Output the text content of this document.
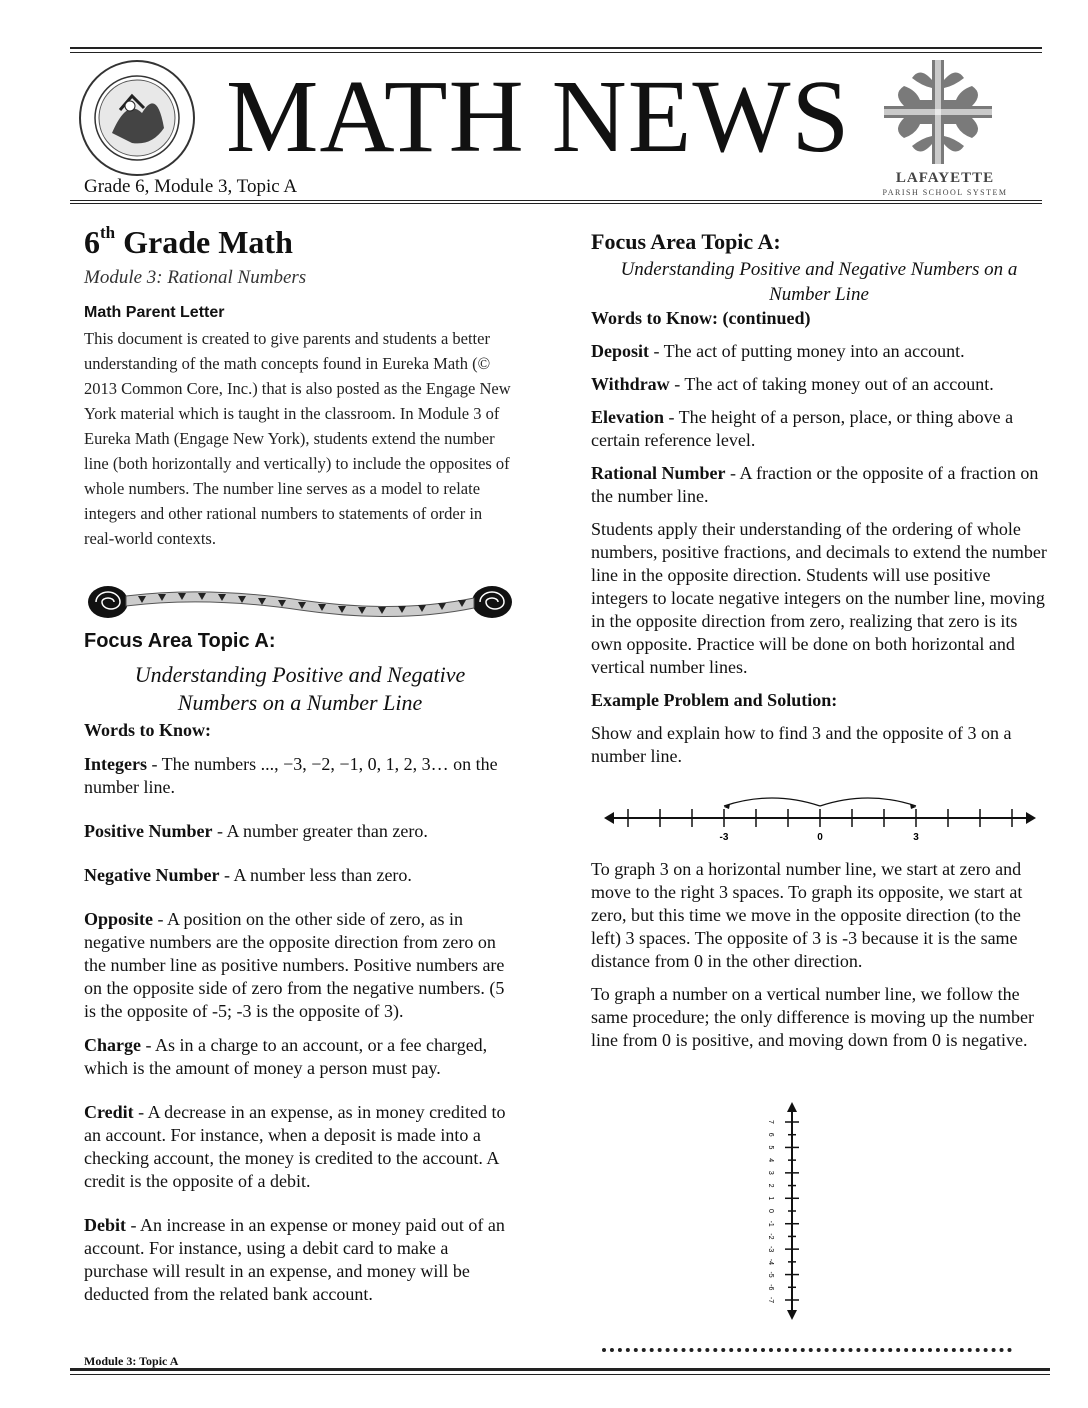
MATH NEWS
LAFAYETTE
PARISH SCHOOL SYSTEM
Grade 6, Module 3, Topic A
6th Grade Math
Module 3: Rational Numbers
Math Parent Letter
This document is created to give parents and students a better understanding of the math concepts found in Eureka Math (© 2013 Common Core, Inc.) that is also posted as the Engage New York material which is taught in the classroom. In Module 3 of Eureka Math (Engage New York), students extend the number line (both horizontally and vertically) to include the opposites of whole numbers. The number line serves as a model to relate integers and other rational numbers to statements of order in real-world contexts.
Focus Area Topic A:
Understanding Positive and Negative Numbers on a Number Line
Words to Know:
Integers - The numbers ..., −3, −2, −1, 0, 1, 2, 3… on the number line.
Positive Number - A number greater than zero.
Negative Number - A number less than zero.
Opposite - A position on the other side of zero, as in negative numbers are the opposite direction from zero on the number line as positive numbers. Positive numbers are on the opposite side of zero from the negative numbers. (5 is the opposite of -5; -3 is the opposite of 3).
Charge - As in a charge to an account, or a fee charged, which is the amount of money a person must pay.
Credit - A decrease in an expense, as in money credited to an account. For instance, when a deposit is made into a checking account, the money is credited to the account. A credit is the opposite of a debit.
Debit - An increase in an expense or money paid out of an account. For instance, using a debit card to make a purchase will result in an expense, and money will be deducted from the related bank account.
Focus Area Topic A:
Understanding Positive and Negative Numbers on a Number Line
Words to Know: (continued)
Deposit - The act of putting money into an account.
Withdraw - The act of taking money out of an account.
Elevation - The height of a person, place, or thing above a certain reference level.
Rational Number - A fraction or the opposite of a fraction on the number line.
Students apply their understanding of the ordering of whole numbers, positive fractions, and decimals to extend the number line in the opposite direction. Students will use positive integers to locate negative integers on the number line, moving in the opposite direction from zero, realizing that zero is its own opposite. Practice will be done on both horizontal and vertical number lines.
Example Problem and Solution:
Show and explain how to find 3 and the opposite of 3 on a number line.
-3	0	3
To graph 3 on a horizontal number line, we start at zero and move to the right 3 spaces. To graph its opposite, we start at zero, but this time we move in the opposite direction (to the left) 3 spaces. The opposite of 3 is -3 because it is the same distance from 0 in the other direction.
To graph a number on a vertical number line, we follow the same procedure; the only difference is moving up the number line from 0 is positive, and moving down from 0 is negative.
7
6
5
4
3
2
1
0
-1
-2
-3
-4
-5
-6
-7
Module 3: Topic A
